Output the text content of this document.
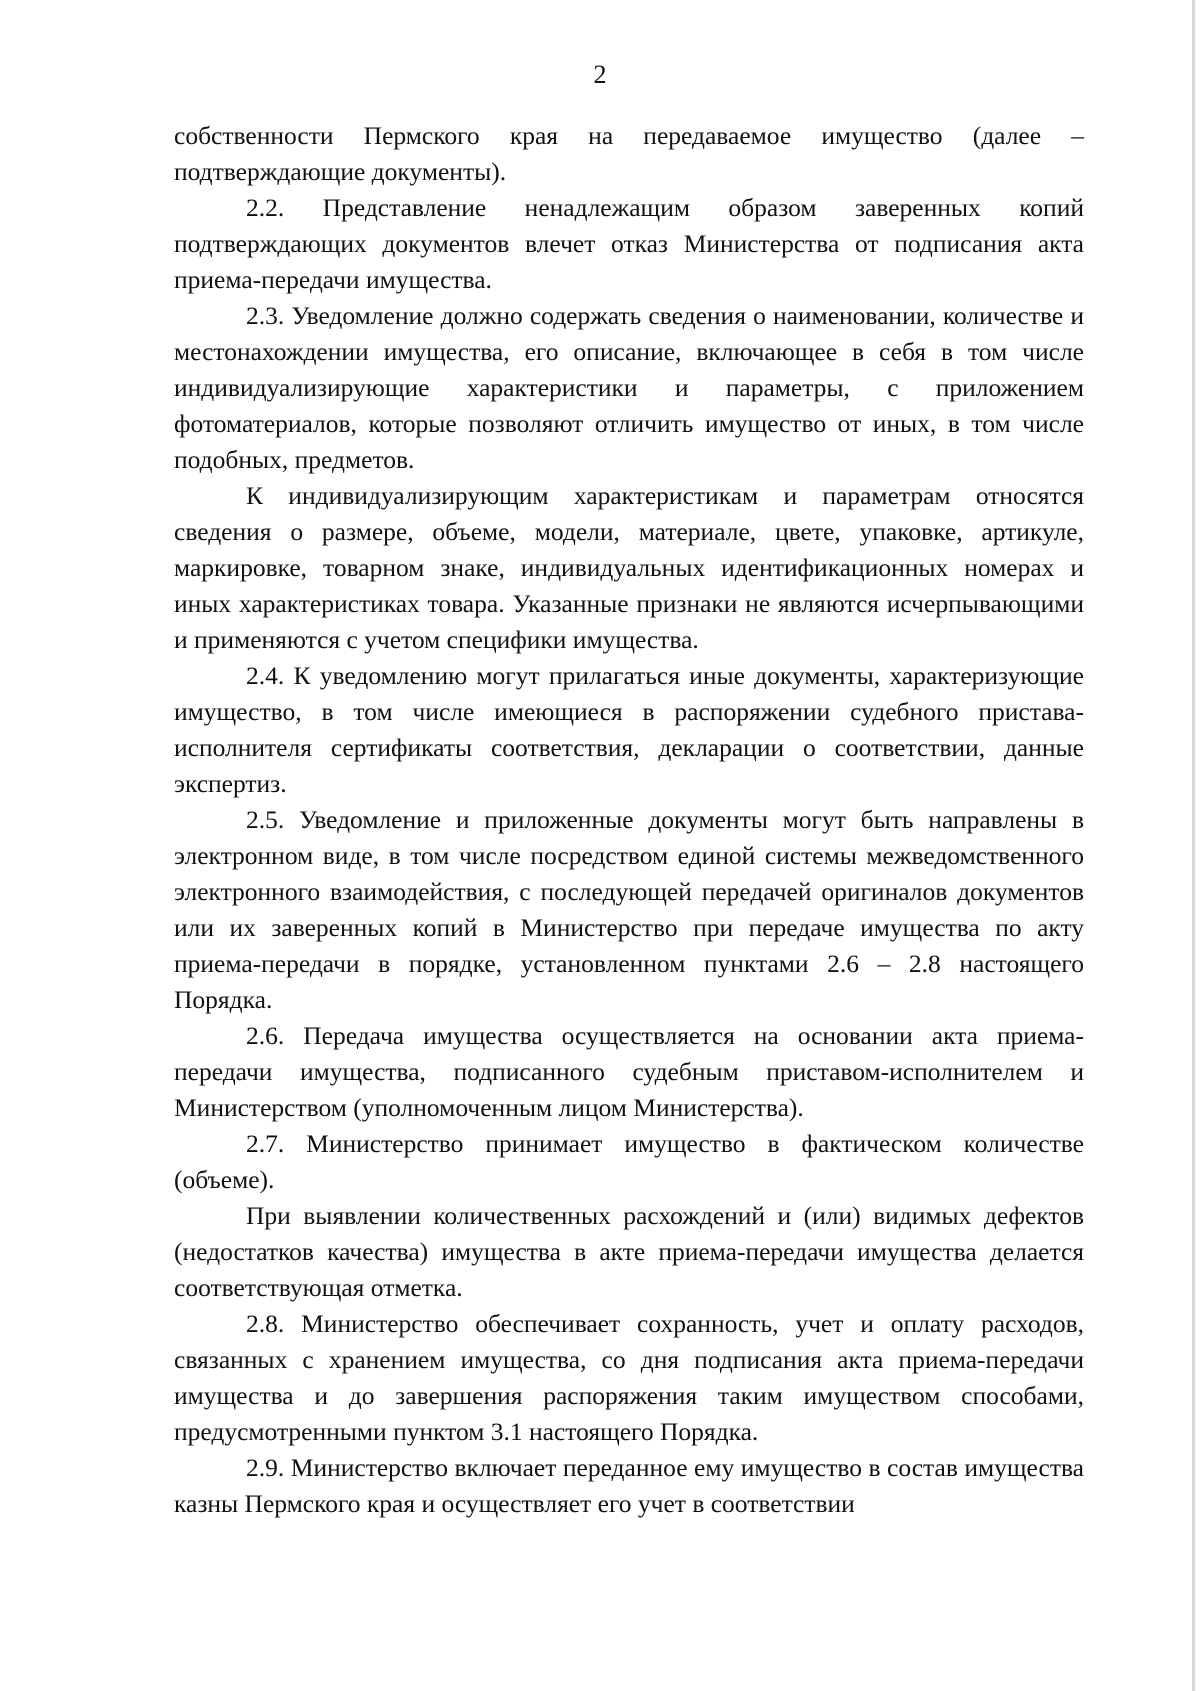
2

собственности Пермского края на передаваемое имущество (далее – подтверждающие документы).

2.2. Представление ненадлежащим образом заверенных копий подтверждающих документов влечет отказ Министерства от подписания акта приема-передачи имущества.

2.3. Уведомление должно содержать сведения о наименовании, количестве и местонахождении имущества, его описание, включающее в себя в том числе индивидуализирующие характеристики и параметры, с приложением фотоматериалов, которые позволяют отличить имущество от иных, в том числе подобных, предметов.

К индивидуализирующим характеристикам и параметрам относятся сведения о размере, объеме, модели, материале, цвете, упаковке, артикуле, маркировке, товарном знаке, индивидуальных идентификационных номерах и иных характеристиках товара. Указанные признаки не являются исчерпывающими и применяются с учетом специфики имущества.

2.4. К уведомлению могут прилагаться иные документы, характеризующие имущество, в том числе имеющиеся в распоряжении судебного пристава-исполнителя сертификаты соответствия, декларации о соответствии, данные экспертиз.

2.5. Уведомление и приложенные документы могут быть направлены в электронном виде, в том числе посредством единой системы межведомственного электронного взаимодействия, с последующей передачей оригиналов документов или их заверенных копий в Министерство при передаче имущества по акту приема-передачи в порядке, установленном пунктами 2.6 – 2.8 настоящего Порядка.

2.6. Передача имущества осуществляется на основании акта приема-передачи имущества, подписанного судебным приставом-исполнителем и Министерством (уполномоченным лицом Министерства).

2.7. Министерство принимает имущество в фактическом количестве (объеме).

При выявлении количественных расхождений и (или) видимых дефектов (недостатков качества) имущества в акте приема-передачи имущества делается соответствующая отметка.

2.8. Министерство обеспечивает сохранность, учет и оплату расходов, связанных с хранением имущества, со дня подписания акта приема-передачи имущества и до завершения распоряжения таким имуществом способами, предусмотренными пунктом 3.1 настоящего Порядка.

2.9. Министерство включает переданное ему имущество в состав имущества казны Пермского края и осуществляет его учет в соответствии
